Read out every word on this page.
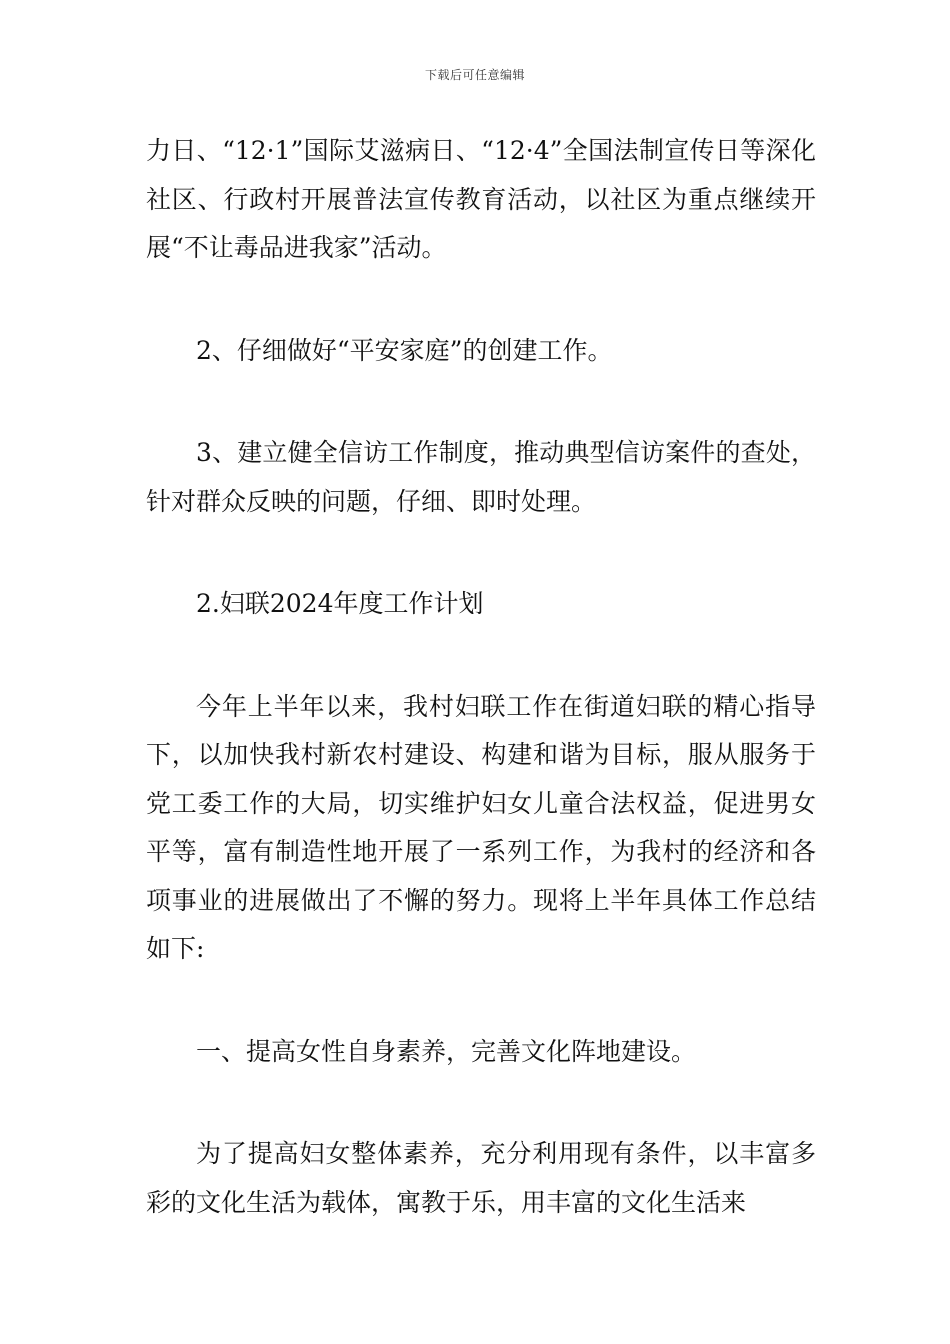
下载后可任意编辑

力日、“12·1”国际艾滋病日、“12·4”全国法制宣传日等深化社区、行政村开展普法宣传教育活动，以社区为重点继续开展“不让毒品进我家”活动。

2、仔细做好“平安家庭”的创建工作。

3、建立健全信访工作制度，推动典型信访案件的查处，针对群众反映的问题，仔细、即时处理。

2.妇联2024年度工作计划

今年上半年以来，我村妇联工作在街道妇联的精心指导下，以加快我村新农村建设、构建和谐为目标，服从服务于党工委工作的大局，切实维护妇女儿童合法权益，促进男女平等，富有制造性地开展了一系列工作，为我村的经济和各项事业的进展做出了不懈的努力。现将上半年具体工作总结如下:

一、提高女性自身素养，完善文化阵地建设。

为了提高妇女整体素养，充分利用现有条件，以丰富多彩的文化生活为载体，寓教于乐，用丰富的文化生活来
